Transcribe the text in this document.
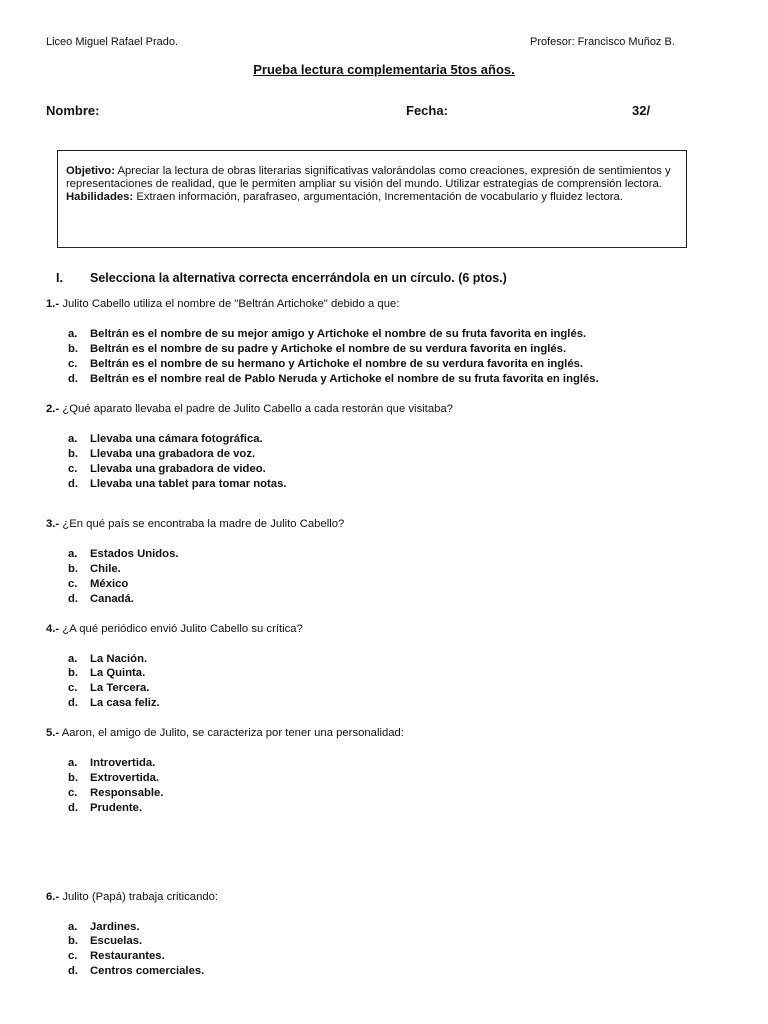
Liceo Miguel Rafael Prado.	Profesor: Francisco Muñoz B.
Prueba lectura complementaria 5tos años.
Nombre:	Fecha:	32/
Objetivo: Apreciar la lectura de obras literarias significativas valorándolas como creaciones, expresión de sentimientos y representaciones de realidad, que le permiten ampliar su visión del mundo. Utilizar estrategias de comprensión lectora.
Habilidades: Extraen información, parafraseo, argumentación, Incrementación de vocabulario y fluidez lectora.
I. Selecciona la alternativa correcta encerrándola en un círculo. (6 ptos.)
1.- Julito Cabello utiliza el nombre de "Beltrán Artichoke" debido a que:
a. Beltrán es el nombre de su mejor amigo y Artichoke el nombre de su fruta favorita en inglés.
b. Beltrán es el nombre de su padre y Artichoke el nombre de su verdura favorita en inglés.
c. Beltrán es el nombre de su hermano y Artichoke el nombre de su verdura favorita en inglés.
d. Beltrán es el nombre real de Pablo Neruda y Artichoke el nombre de su fruta favorita en inglés.
2.- ¿Qué aparato llevaba el padre de Julito Cabello a cada restorán que visitaba?
a. Llevaba una cámara fotográfica.
b. Llevaba una grabadora de voz.
c. Llevaba una grabadora de video.
d. Llevaba una tablet para tomar notas.
3.- ¿En qué país se encontraba la madre de Julito Cabello?
a. Estados Unidos.
b. Chile.
c. México
d. Canadá.
4.- ¿A qué periódico envió Julito Cabello su crítica?
a. La Nación.
b. La Quinta.
c. La Tercera.
d. La casa feliz.
5.- Aaron, el amigo de Julito, se caracteriza por tener una personalidad:
a. Introvertida.
b. Extrovertida.
c. Responsable.
d. Prudente.
6.- Julito (Papá) trabaja criticando:
a. Jardines.
b. Escuelas.
c. Restaurantes.
d. Centros comerciales.
